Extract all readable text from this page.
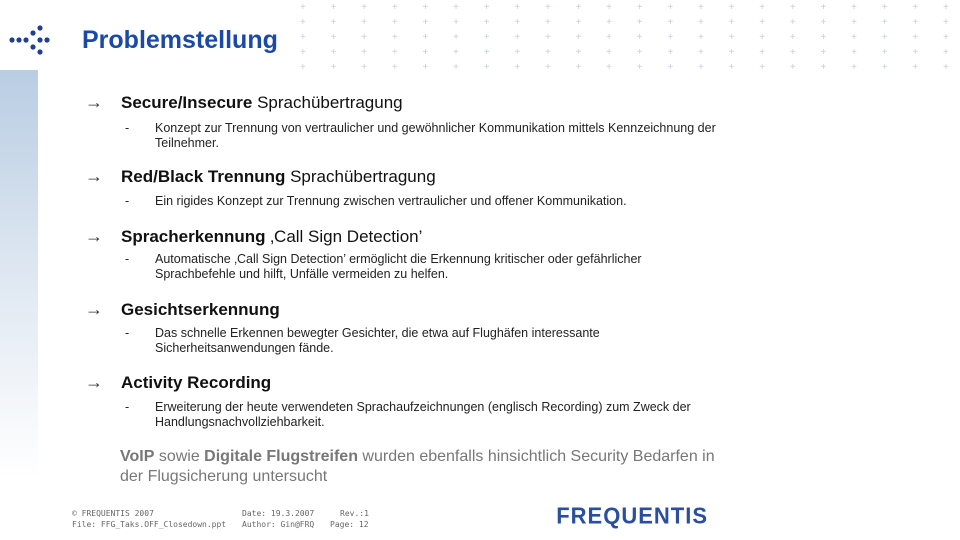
+ + + + + + + + + + + + + + + + + + + + + +
+ + + + + + + + + + + + + + + + + + + + + +
+ + + + + + + + + + + + + + + + + + + + + +
+ + + + + + + + + + + + + + + + + + + + + +
+ + + + + + + + + + + + + + + + + + + + + +
Problemstellung
→ Secure/Insecure Sprachübertragung
- Konzept zur Trennung von vertraulicher und gewöhnlicher Kommunikation mittels Kennzeichnung der Teilnehmer.
→ Red/Black Trennung Sprachübertragung
- Ein rigides Konzept zur Trennung zwischen vertraulicher und offener Kommunikation.
→ Spracherkennung ‚Call Sign Detection’
- Automatische ‚Call Sign Detection’ ermöglicht die Erkennung kritischer oder gefährlicher Sprachbefehle und hilft, Unfälle vermeiden zu helfen.
→ Gesichtserkennung
- Das schnelle Erkennen bewegter Gesichter, die etwa auf Flughäfen interessante Sicherheitsanwendungen fände.
→ Activity Recording
- Erweiterung der heute verwendeten Sprachaufzeichnungen (englisch Recording) zum Zweck der Handlungsnachvollziehbarkeit.
VoIP sowie Digitale Flugstreifen wurden ebenfalls hinsichtlich Security Bedarfen in der Flugsicherung untersucht
© FREQUENTIS 2007
File: FFG_Taks.OFF_Closedown.ppt
Date: 19.3.2007
Author: Gin@FRQ
Rev.:1
Page: 12	FREQUENTIS
